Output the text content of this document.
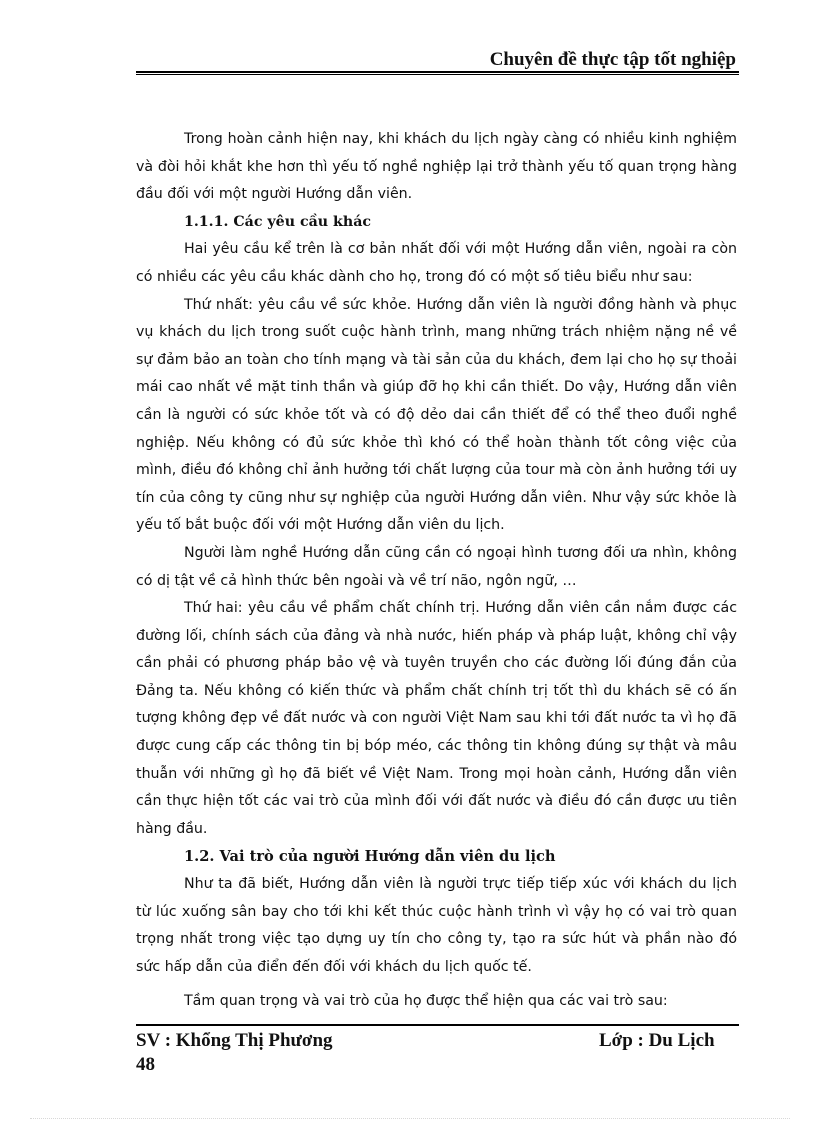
Chuyên đề thực tập tốt nghiệp

Trong hoàn cảnh hiện nay, khi khách du lịch ngày càng có nhiều kinh nghiệm và đòi hỏi khắt khe hơn thì yếu tố nghề nghiệp lại trở thành yếu tố quan trọng hàng đầu đối với một người Hướng dẫn viên.

1.1.1. Các yêu cầu khác

Hai yêu cầu kể trên là cơ bản nhất đối với một Hướng dẫn viên, ngoài ra còn có nhiều các yêu cầu khác dành cho họ, trong đó có một số tiêu biểu như sau:

Thứ nhất: yêu cầu về sức khỏe. Hướng dẫn viên là người đồng hành và phục vụ khách du lịch trong suốt cuộc hành trình, mang những trách nhiệm nặng nề về sự đảm bảo an toàn cho tính mạng và tài sản của du khách, đem lại cho họ sự thoải mái cao nhất về mặt tinh thần và giúp đỡ họ khi cần thiết. Do vậy, Hướng dẫn viên cần là người có sức khỏe tốt và có độ dẻo dai cần thiết để có thể theo đuổi nghề nghiệp. Nếu không có đủ sức khỏe thì khó có thể hoàn thành tốt công việc của mình, điều đó không chỉ ảnh hưởng tới chất lượng của tour mà còn ảnh hưởng tới uy tín của công ty cũng như sự nghiệp của người Hướng dẫn viên. Như vậy sức khỏe là yếu tố bắt buộc đối với một Hướng dẫn viên du lịch.

Người làm nghề Hướng dẫn cũng cần có ngoại hình tương đối ưa nhìn, không có dị tật về cả hình thức bên ngoài và về trí não, ngôn ngữ, …

Thứ hai: yêu cầu về phẩm chất chính trị. Hướng dẫn viên cần nắm được các đường lối, chính sách của đảng và nhà nước, hiến pháp và pháp luật, không chỉ vậy cần phải có phương pháp bảo vệ và tuyên truyền cho các đường lối đúng đắn của Đảng ta. Nếu không có kiến thức và phẩm chất chính trị tốt thì du khách sẽ có ấn tượng không đẹp về đất nước và con người Việt Nam sau khi tới đất nước ta vì họ đã được cung cấp các thông tin bị bóp méo, các thông tin không đúng sự thật và mâu thuẫn với những gì họ đã biết về Việt Nam. Trong mọi hoàn cảnh, Hướng dẫn viên cần thực hiện tốt các vai trò của mình đối với đất nước và điều đó cần được ưu tiên hàng đầu.

1.2. Vai trò của người Hướng dẫn viên du lịch

Như ta đã biết, Hướng dẫn viên là người trực tiếp tiếp xúc với khách du lịch từ lúc xuống sân bay cho tới khi kết thúc cuộc hành trình vì vậy họ có vai trò quan trọng nhất trong việc tạo dựng uy tín cho công ty, tạo ra sức hút và phần nào đó sức hấp dẫn của điển đến đối với khách du lịch quốc tế.

Tầm quan trọng và vai trò của họ được thể hiện qua các vai trò sau:

SV : Khổng Thị Phương	Lớp : Du Lịch
48
